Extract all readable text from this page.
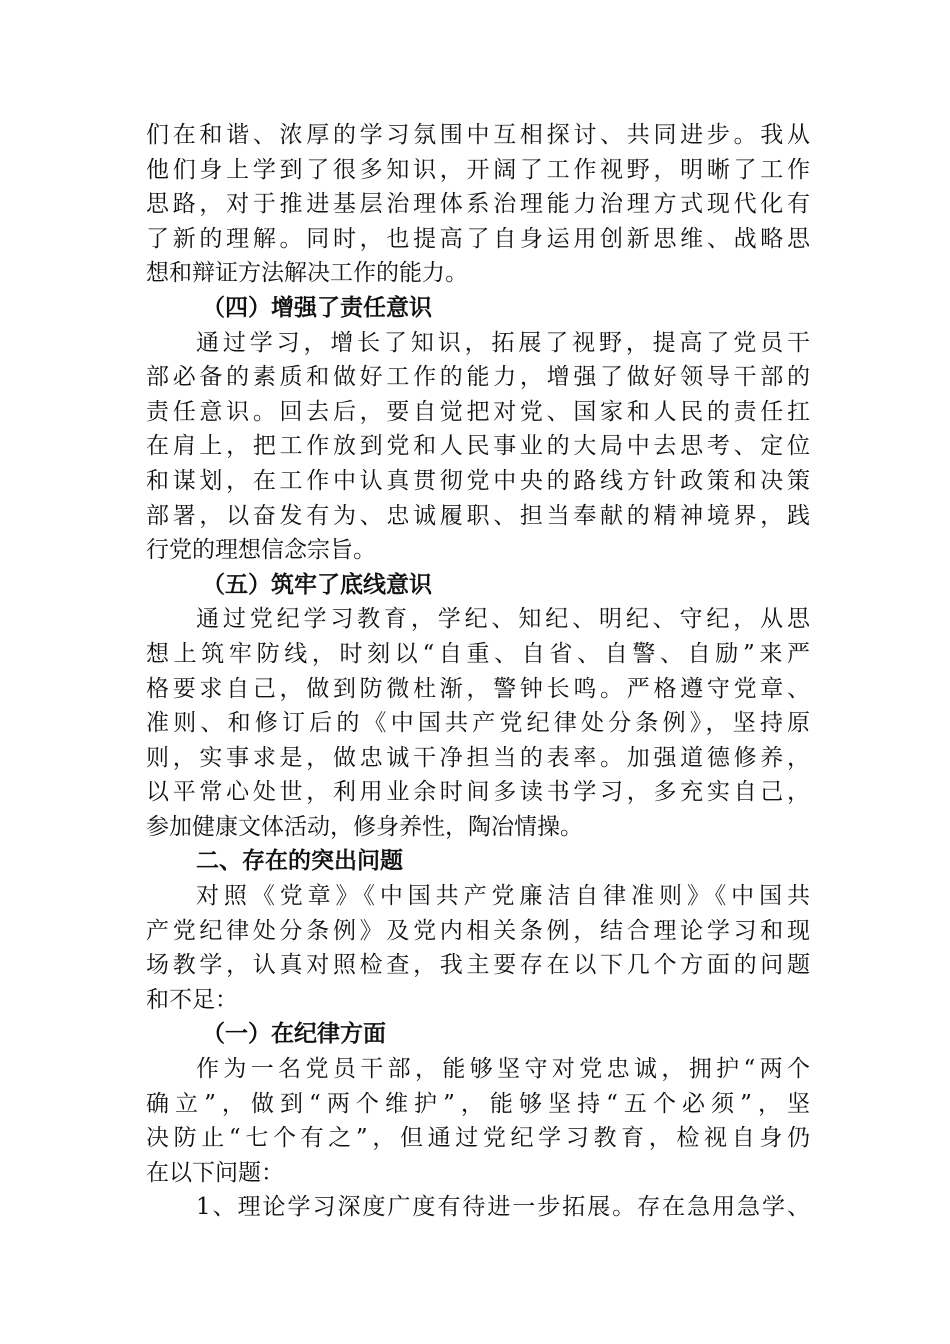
们在和谐、浓厚的学习氛围中互相探讨、共同进步。我从
他们身上学到了很多知识，开阔了工作视野，明晰了工作
思路，对于推进基层治理体系治理能力治理方式现代化有
了新的理解。同时，也提高了自身运用创新思维、战略思
想和辩证方法解决工作的能力。
（四）增强了责任意识
通过学习，增长了知识，拓展了视野，提高了党员干
部必备的素质和做好工作的能力，增强了做好领导干部的
责任意识。回去后，要自觉把对党、国家和人民的责任扛
在肩上，把工作放到党和人民事业的大局中去思考、定位
和谋划，在工作中认真贯彻党中央的路线方针政策和决策
部署，以奋发有为、忠诚履职、担当奉献的精神境界，践
行党的理想信念宗旨。
（五）筑牢了底线意识
通过党纪学习教育，学纪、知纪、明纪、守纪，从思
想上筑牢防线，时刻以“自重、自省、自警、自励”来严
格要求自己，做到防微杜渐，警钟长鸣。严格遵守党章、
准则、和修订后的《中国共产党纪律处分条例》，坚持原
则，实事求是，做忠诚干净担当的表率。加强道德修养，
以平常心处世，利用业余时间多读书学习，多充实自己，
参加健康文体活动，修身养性，陶冶情操。
二、存在的突出问题
对照《党章》《中国共产党廉洁自律准则》《中国共
产党纪律处分条例》及党内相关条例，结合理论学习和现
场教学，认真对照检查，我主要存在以下几个方面的问题
和不足：
（一）在纪律方面
作为一名党员干部，能够坚守对党忠诚，拥护“两个
确立”，做到“两个维护”，能够坚持“五个必须”，坚
决防止“七个有之”，但通过党纪学习教育，检视自身仍
在以下问题：
1、理论学习深度广度有待进一步拓展。存在急用急学、
